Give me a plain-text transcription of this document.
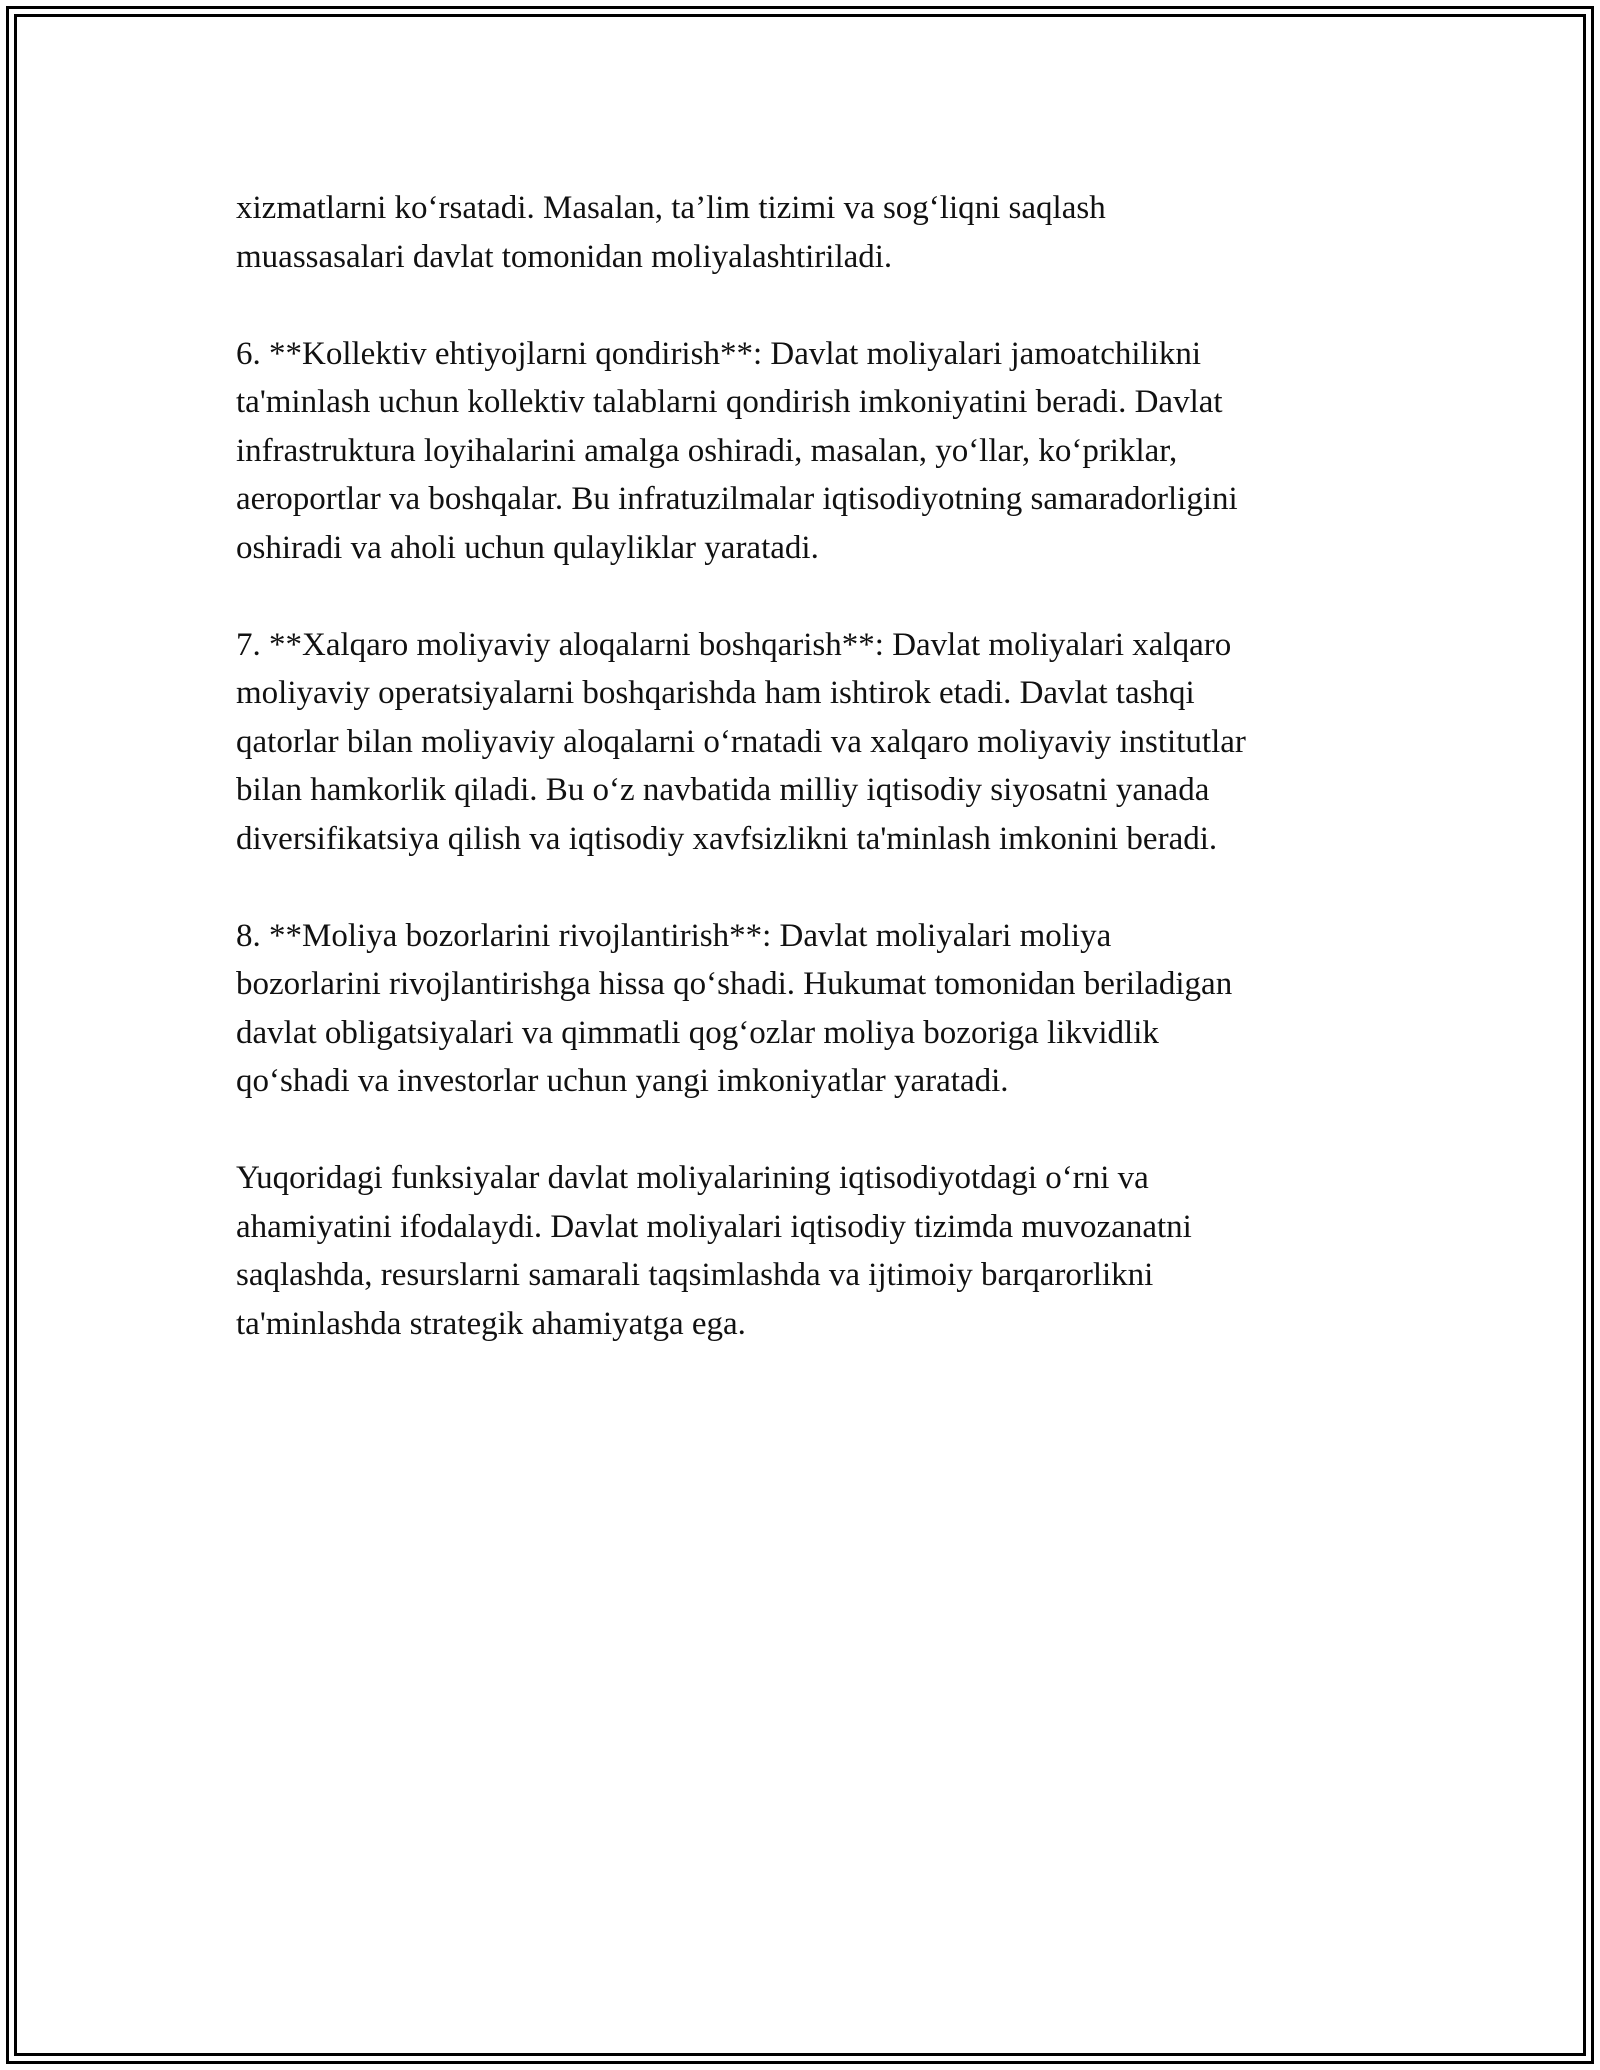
xizmatlarni ko‘rsatadi. Masalan, ta’lim tizimi va sog‘liqni saqlash
muassasalari davlat tomonidan moliyalashtiriladi.

6. **Kollektiv ehtiyojlarni qondirish**: Davlat moliyalari jamoatchilikni
ta'minlash uchun kollektiv talablarni qondirish imkoniyatini beradi. Davlat
infrastruktura loyihalarini amalga oshiradi, masalan, yo‘llar, ko‘priklar,
aeroportlar va boshqalar. Bu infratuzilmalar iqtisodiyotning samaradorligini
oshiradi va aholi uchun qulayliklar yaratadi.

7. **Xalqaro moliyaviy aloqalarni boshqarish**: Davlat moliyalari xalqaro
moliyaviy operatsiyalarni boshqarishda ham ishtirok etadi. Davlat tashqi
qatorlar bilan moliyaviy aloqalarni o‘rnatadi va xalqaro moliyaviy institutlar
bilan hamkorlik qiladi. Bu o‘z navbatida milliy iqtisodiy siyosatni yanada
diversifikatsiya qilish va iqtisodiy xavfsizlikni ta'minlash imkonini beradi.

8. **Moliya bozorlarini rivojlantirish**: Davlat moliyalari moliya
bozorlarini rivojlantirishga hissa qo‘shadi. Hukumat tomonidan beriladigan
davlat obligatsiyalari va qimmatli qog‘ozlar moliya bozoriga likvidlik
qo‘shadi va investorlar uchun yangi imkoniyatlar yaratadi.

Yuqoridagi funksiyalar davlat moliyalarining iqtisodiyotdagi o‘rni va
ahamiyatini ifodalaydi. Davlat moliyalari iqtisodiy tizimda muvozanatni
saqlashda, resurslarni samarali taqsimlashda va ijtimoiy barqarorlikni
ta'minlashda strategik ahamiyatga ega.
